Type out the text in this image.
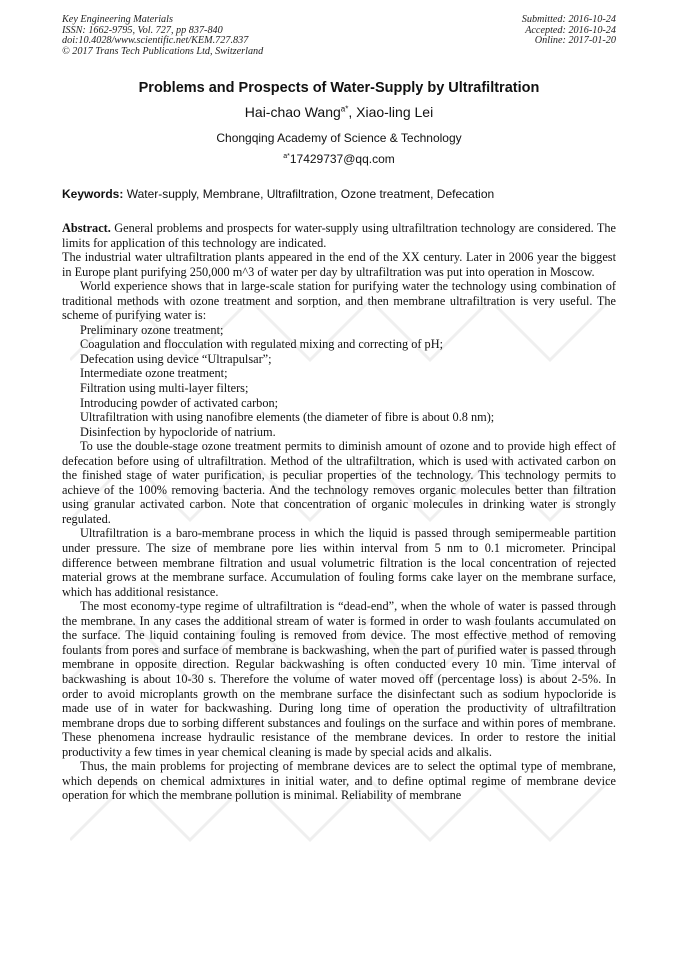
Key Engineering Materials
ISSN: 1662-9795, Vol. 727, pp 837-840
doi:10.4028/www.scientific.net/KEM.727.837
© 2017 Trans Tech Publications Ltd, Switzerland
Submitted: 2016-10-24
Accepted: 2016-10-24
Online: 2017-01-20
Problems and Prospects of Water-Supply by Ultrafiltration
Hai-chao Wang$^{a*}$, Xiao-ling Lei
Chongqing Academy of Science & Technology
$^{a*}$17429737@qq.com
Keywords: Water-supply, Membrane, Ultrafiltration, Ozone treatment, Defecation

Abstract. General problems and prospects for water-supply using ultrafiltration technology are considered. The limits for application of this technology are indicated.

The industrial water ultrafiltration plants appeared in the end of the XX century. Later in 2006 year the biggest in Europe plant purifying 250,000 m^3 of water per day by ultrafiltration was put into operation in Moscow.

World experience shows that in large-scale station for purifying water the technology using combination of traditional methods with ozone treatment and sorption, and then membrane ultrafiltration is very useful. The scheme of purifying water is:

Preliminary ozone treatment;

Coagulation and flocculation with regulated mixing and correcting of pH;

Defecation using device “Ultrapulsar”;

Intermediate ozone treatment;

Filtration using multi-layer filters;

Introducing powder of activated carbon;

Ultrafiltration with using nanofibre elements (the diameter of fibre is about 0.8 nm);

Disinfection by hypocloride of natrium.

To use the double-stage ozone treatment permits to diminish amount of ozone and to provide high effect of defecation before using of ultrafiltration. Method of the ultrafiltration, which is used with activated carbon on the finished stage of water purification, is peculiar properties of the technology. This technology permits to achieve of the 100% removing bacteria. And the technology removes organic molecules better than filtration using granular activated carbon. Note that concentration of organic molecules in drinking water is strongly regulated.

Ultrafiltration is a baro-membrane process in which the liquid is passed through semipermeable partition under pressure. The size of membrane pore lies within interval from 5 nm to 0.1 micrometer. Principal difference between membrane filtration and usual volumetric filtration is the local concentration of rejected material grows at the membrane surface. Accumulation of fouling forms cake layer on the membrane surface, which has additional resistance.

The most economy-type regime of ultrafiltration is “dead-end”, when the whole of water is passed through the membrane. In any cases the additional stream of water is formed in order to wash foulants accumulated on the surface. The liquid containing fouling is removed from device. The most effective method of removing foulants from pores and surface of membrane is backwashing, when the part of purified water is passed through membrane in opposite direction. Regular backwashing is often conducted every 10 min. Time interval of backwashing is about 10-30 s. Therefore the volume of water moved off (percentage loss) is about 2-5%. In order to avoid microplants growth on the membrane surface the disinfectant such as sodium hypocloride is made use of in water for backwashing. During long time of operation the productivity of ultrafiltration membrane drops due to sorbing different substances and foulings on the surface and within pores of membrane. These phenomena increase hydraulic resistance of the membrane devices. In order to restore the initial productivity a few times in year chemical cleaning is made by special acids and alkalis.

Thus, the main problems for projecting of membrane devices are to select the optimal type of membrane, which depends on chemical admixtures in initial water, and to define optimal regime of membrane device operation for which the membrane pollution is minimal. Reliability of membrane
